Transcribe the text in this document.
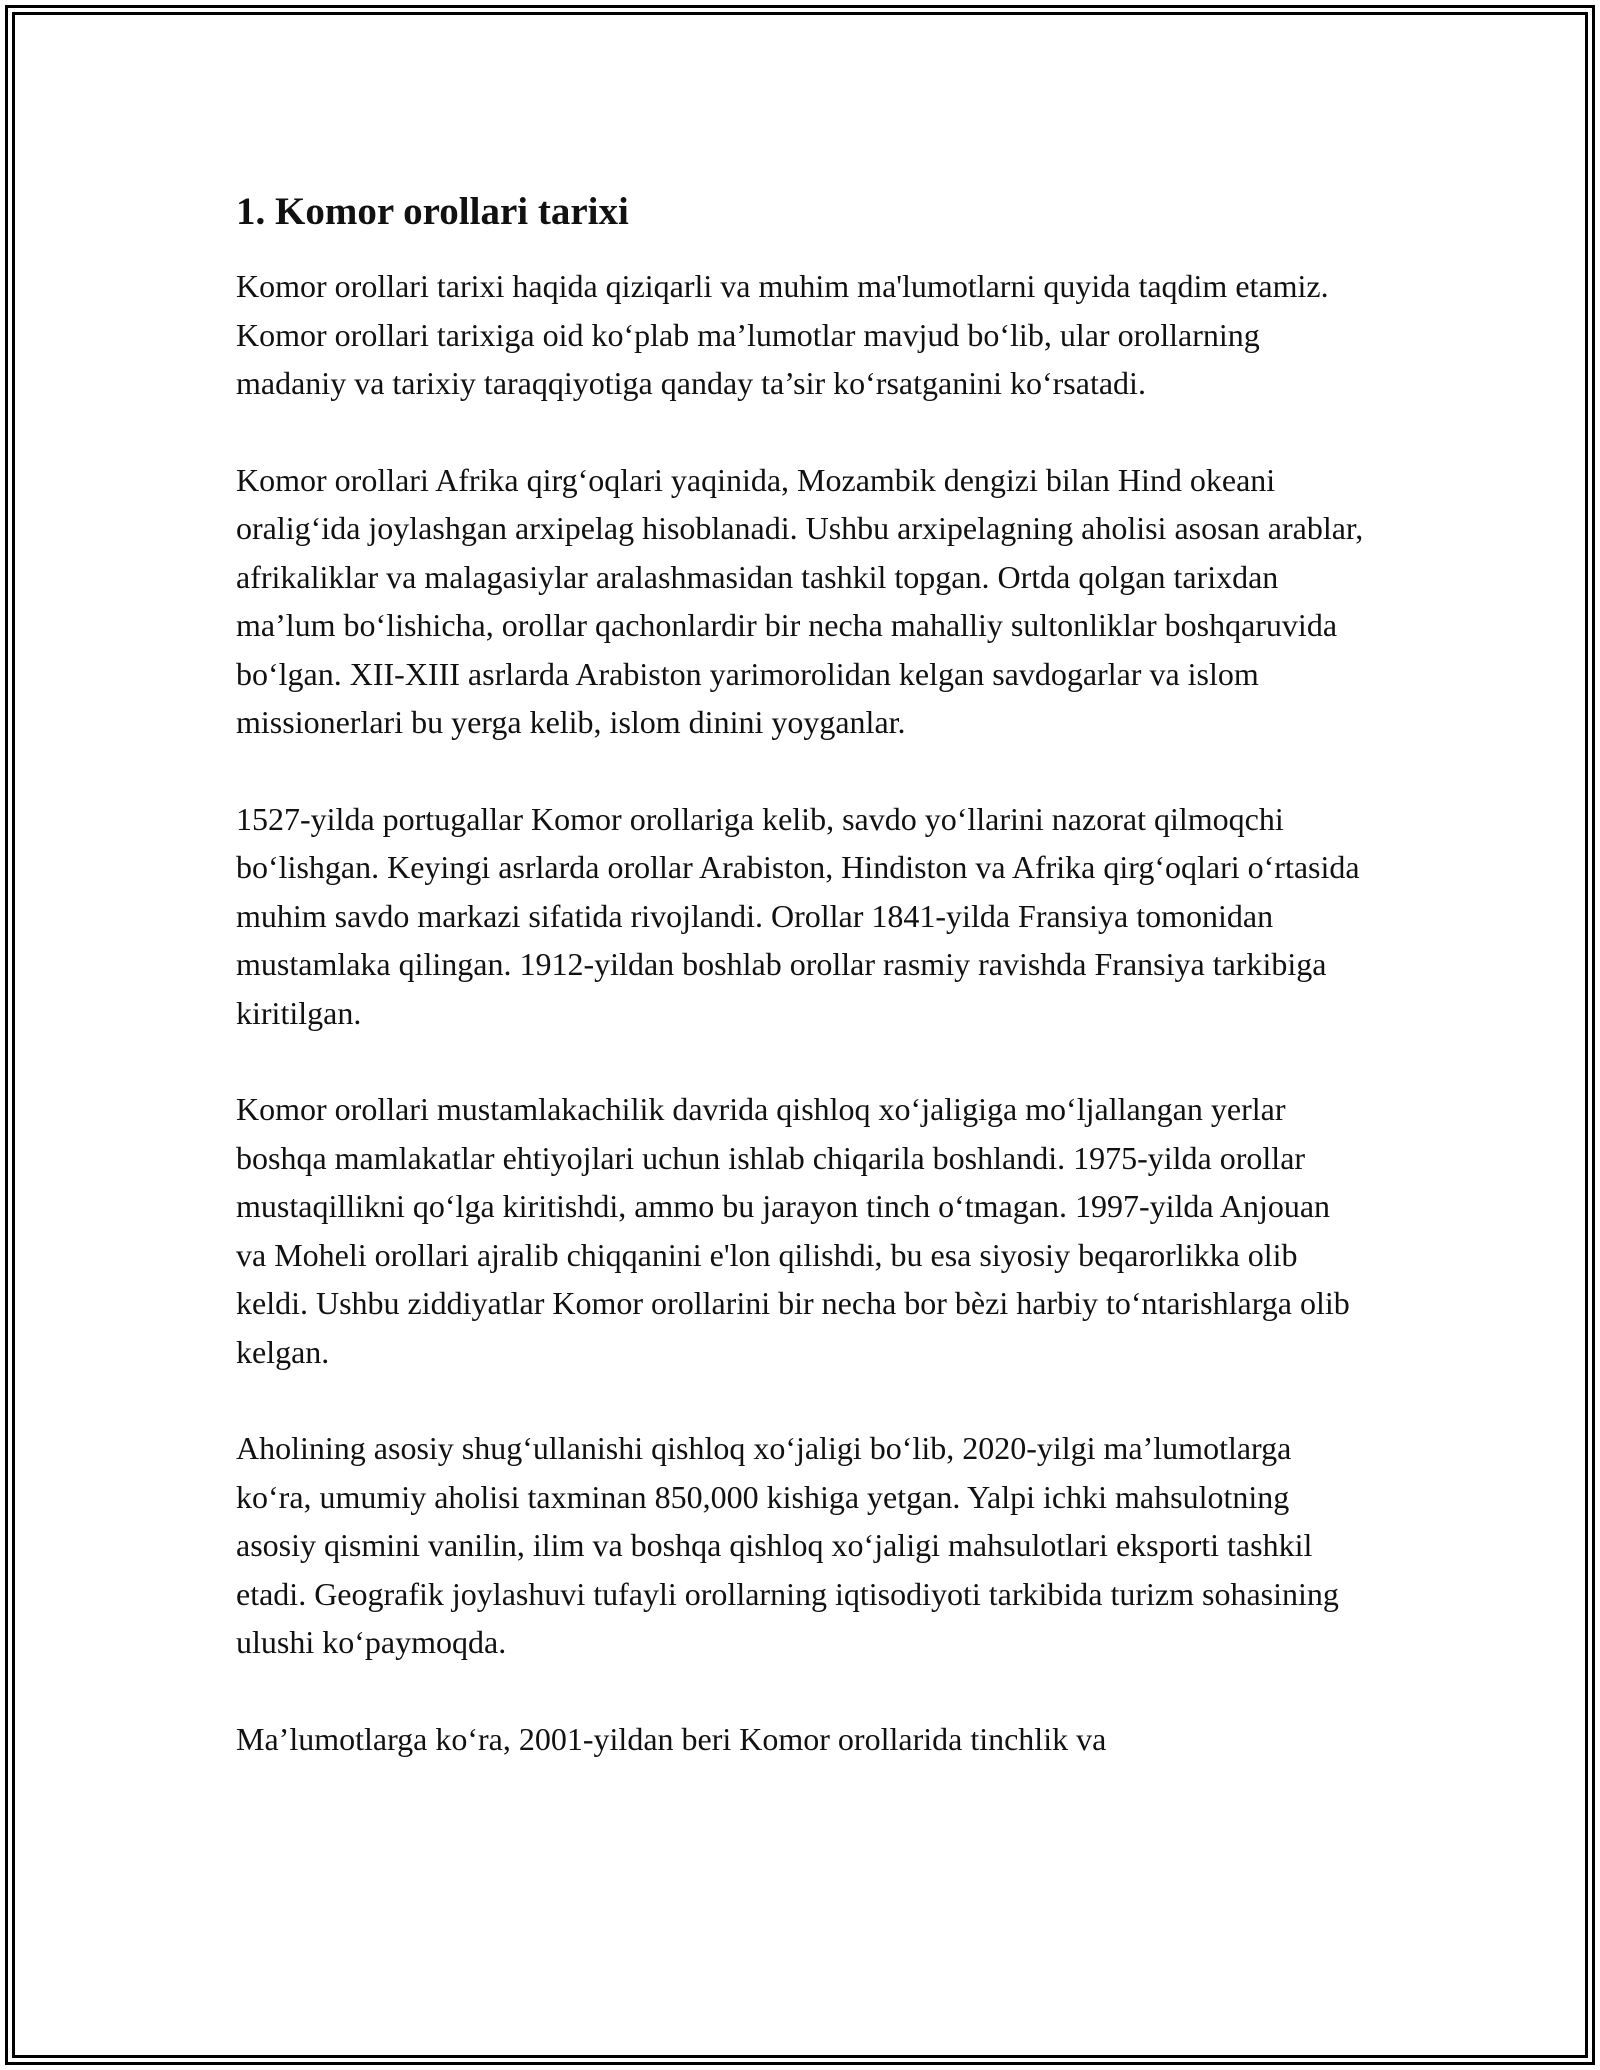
1. Komor orollari tarixi

Komor orollari tarixi haqida qiziqarli va muhim ma'lumotlarni quyida taqdim etamiz. Komor orollari tarixiga oid ko‘plab ma’lumotlar mavjud bo‘lib, ular orollarning madaniy va tarixiy taraqqiyotiga qanday ta’sir ko‘rsatganini ko‘rsatadi.

Komor orollari Afrika qirg‘oqlari yaqinida, Mozambik dengizi bilan Hind okeani oralig‘ida joylashgan arxipelag hisoblanadi. Ushbu arxipelagning aholisi asosan arablar, afrikaliklar va malagasiylar aralashmasidan tashkil topgan. Ortda qolgan tarixdan ma’lum bo‘lishicha, orollar qachonlardir bir necha mahalliy sultonliklar boshqaruvida bo‘lgan. XII-XIII asrlarda Arabiston yarimorolidan kelgan savdogarlar va islom missionerlari bu yerga kelib, islom dinini yoyganlar.

1527-yilda portugallar Komor orollariga kelib, savdo yo‘llarini nazorat qilmoqchi bo‘lishgan. Keyingi asrlarda orollar Arabiston, Hindiston va Afrika qirg‘oqlari o‘rtasida muhim savdo markazi sifatida rivojlandi. Orollar 1841-yilda Fransiya tomonidan mustamlaka qilingan. 1912-yildan boshlab orollar rasmiy ravishda Fransiya tarkibiga kiritilgan.

Komor orollari mustamlakachilik davrida qishloq xo‘jaligiga mo‘ljallangan yerlar boshqa mamlakatlar ehtiyojlari uchun ishlab chiqarila boshlandi. 1975-yilda orollar mustaqillikni qo‘lga kiritishdi, ammo bu jarayon tinch o‘tmagan. 1997-yilda Anjouan va Moheli orollari ajralib chiqqanini e'lon qilishdi, bu esa siyosiy beqarorlikka olib keldi. Ushbu ziddiyatlar Komor orollarini bir necha bor bèzi harbiy to‘ntarishlarga olib kelgan.

Aholining asosiy shug‘ullanishi qishloq xo‘jaligi bo‘lib, 2020-yilgi ma’lumotlarga ko‘ra, umumiy aholisi taxminan 850,000 kishiga yetgan. Yalpi ichki mahsulotning asosiy qismini vanilin, ilim va boshqa qishloq xo‘jaligi mahsulotlari eksporti tashkil etadi. Geografik joylashuvi tufayli orollarning iqtisodiyoti tarkibida turizm sohasining ulushi ko‘paymoqda.

Ma’lumotlarga ko‘ra, 2001-yildan beri Komor orollarida tinchlik va
